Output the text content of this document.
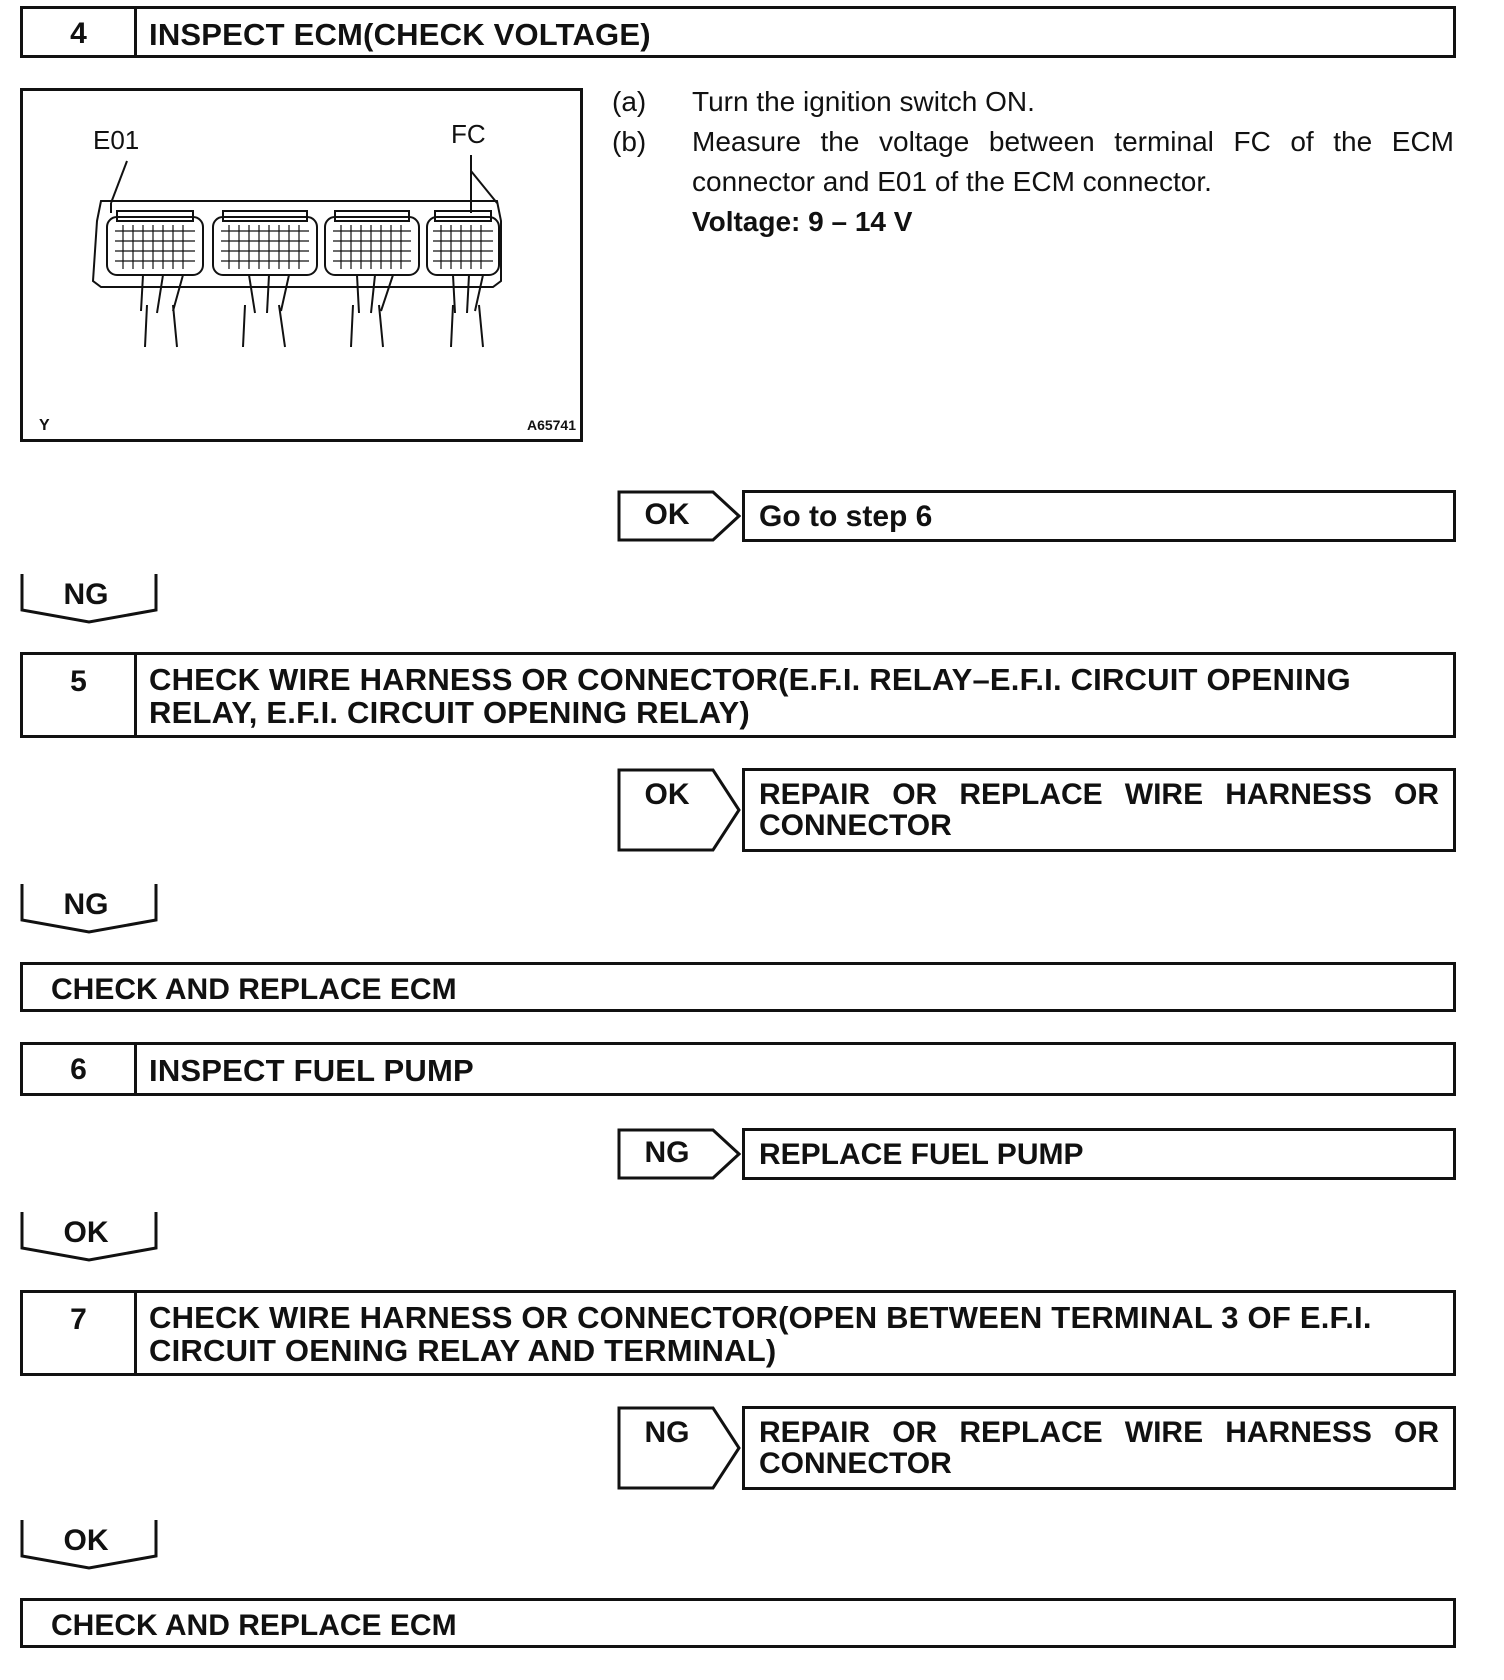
4	INSPECT ECM(CHECK VOLTAGE)
E01	FC
Y	A65741
(a)	Turn the ignition switch ON.
(b)	Measure the voltage between terminal FC of the ECM connector and E01 of the ECM connector.
Voltage: 9 – 14 V
OK	Go to step 6
NG
5	CHECK WIRE HARNESS OR CONNECTOR(E.F.I. RELAY–E.F.I. CIRCUIT OPENING RELAY, E.F.I. CIRCUIT OPENING RELAY)
OK	REPAIR OR REPLACE WIRE HARNESS OR CONNECTOR
NG
CHECK AND REPLACE ECM
6	INSPECT FUEL PUMP
NG	REPLACE FUEL PUMP
OK
7	CHECK WIRE HARNESS OR CONNECTOR(OPEN BETWEEN TERMINAL 3 OF E.F.I. CIRCUIT OENING RELAY AND TERMINAL)
NG	REPAIR OR REPLACE WIRE HARNESS OR CONNECTOR
OK
CHECK AND REPLACE ECM
